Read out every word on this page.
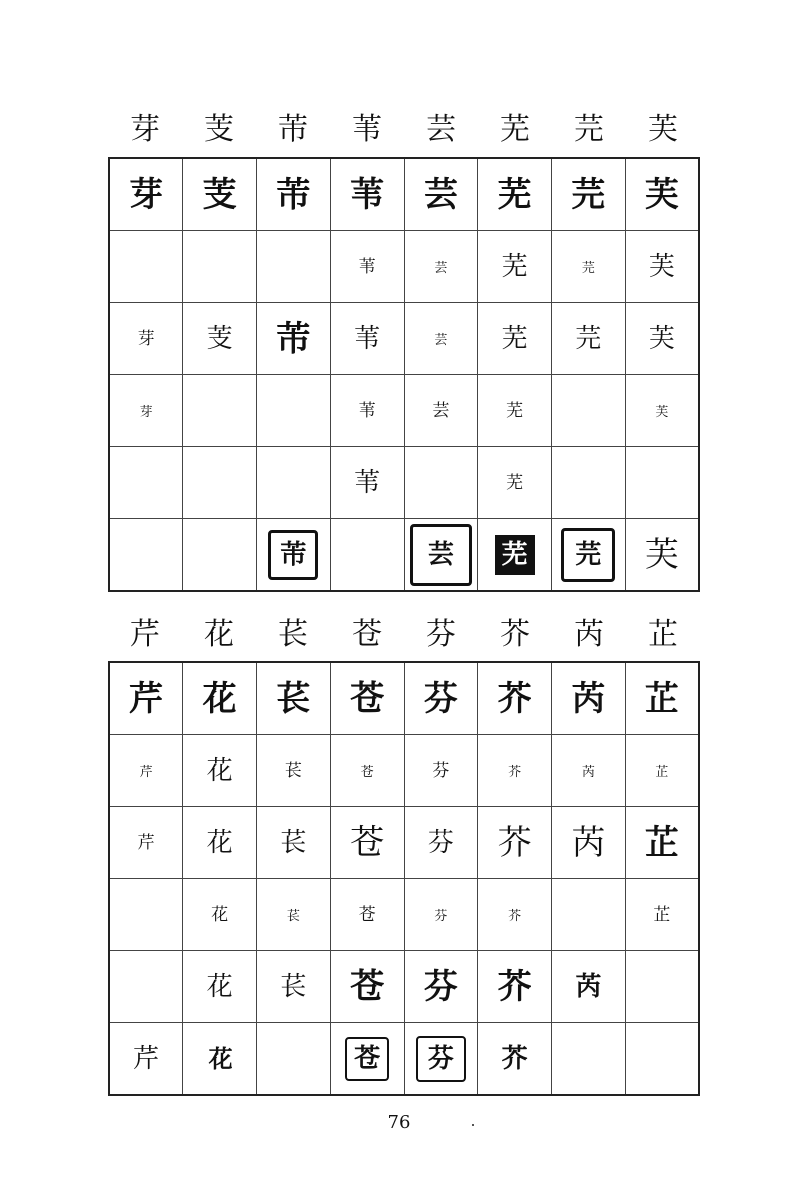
芽	芰	芾	苇	芸	芜	芫	芙
芽	芰	芾	苇	芸	芜	芫	芙
			苇	芸	芜	芫	芙
芽	芰	芾	苇	芸	芜	芫	芙
芽			苇	芸	芜		芙
			苇		芜		
		芾		芸	芜	芫	芙
芹	花	苌	苍	芬	芥	芮	芷
芹	花	苌	苍	芬	芥	芮	芷
芹	花	苌	苍	芬	芥	芮	芷
芹	花	苌	苍	芬	芥	芮	芷
	花	苌	苍	芬	芥		芷
	花	苌	苍	芬	芥	芮	
芹	花		苍	芬	芥		
76
